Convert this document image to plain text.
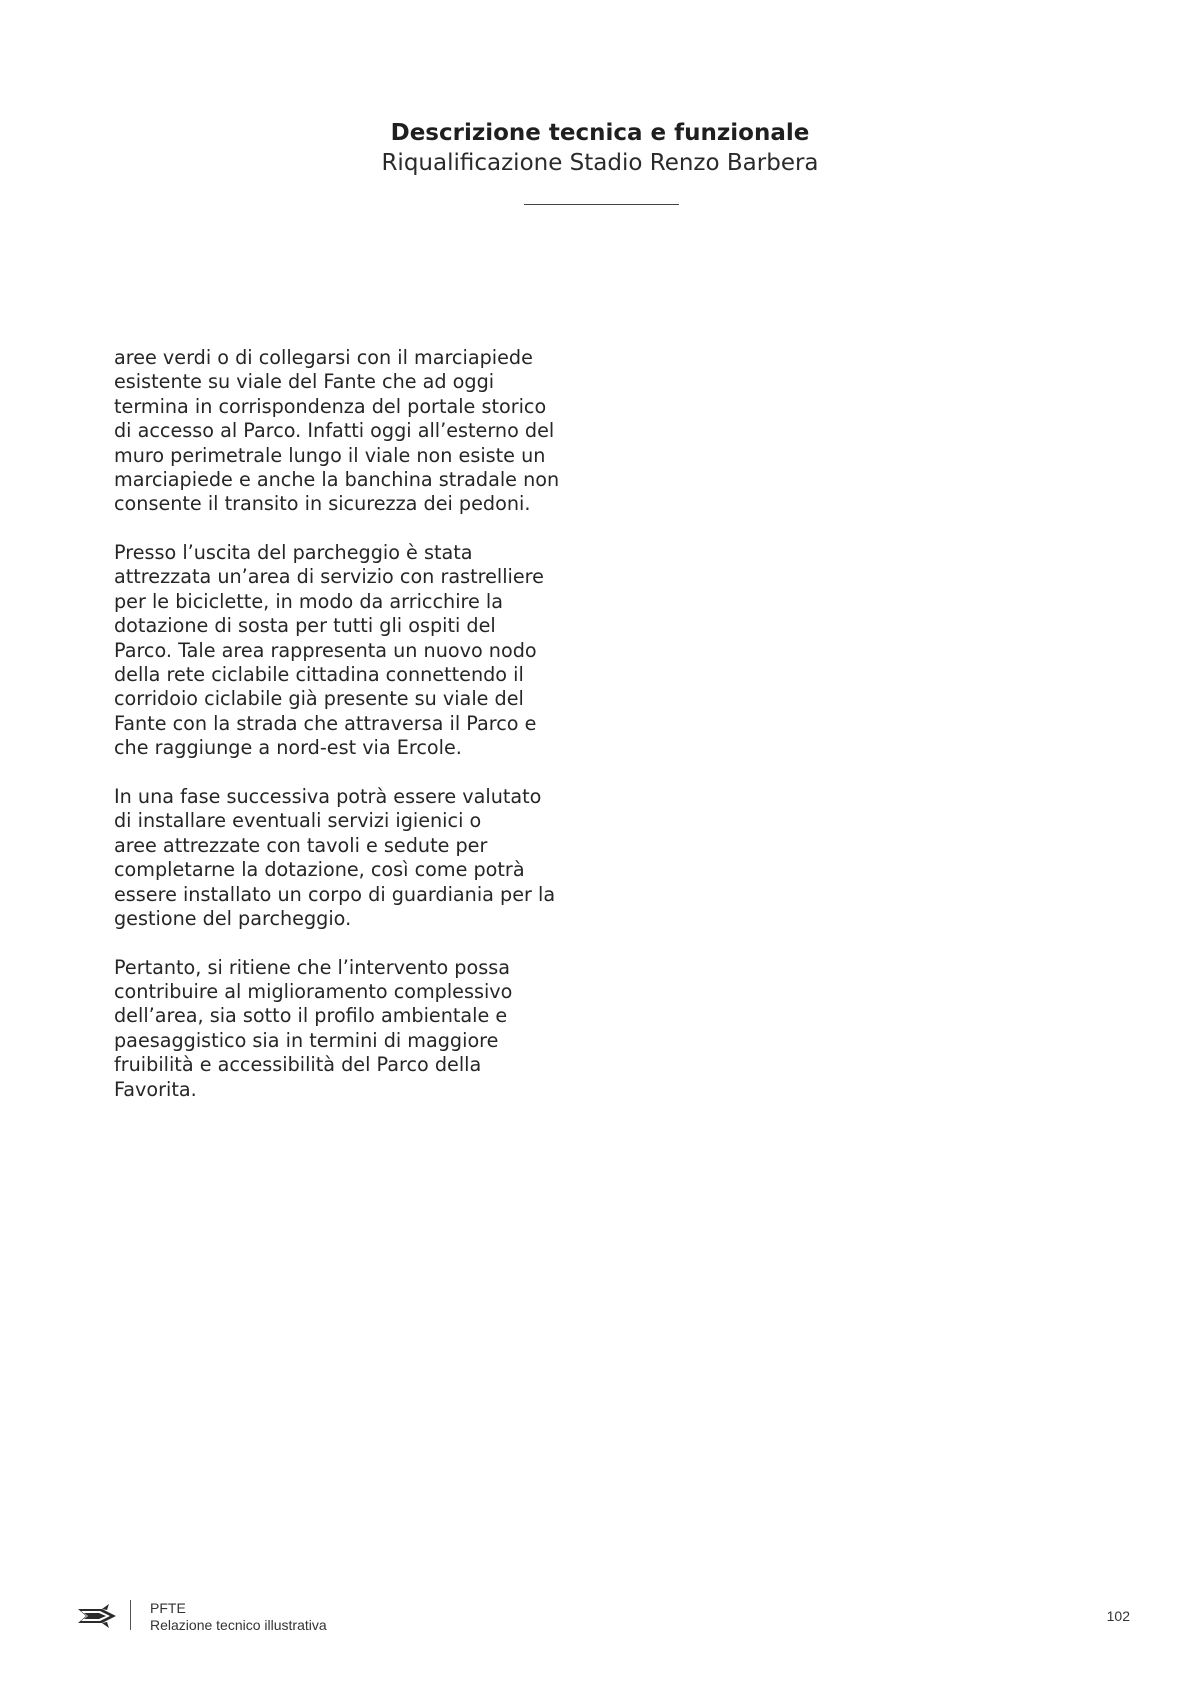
Descrizione tecnica e funzionale

Riqualificazione Stadio Renzo Barbera

aree verdi o di collegarsi con il marciapiede
esistente su viale del Fante che ad oggi
termina in corrispondenza del portale storico
di accesso al Parco. Infatti oggi all’esterno del
muro perimetrale lungo il viale non esiste un
marciapiede e anche la banchina stradale non
consente il transito in sicurezza dei pedoni.

Presso l’uscita del parcheggio è stata
attrezzata un’area di servizio con rastrelliere
per le biciclette, in modo da arricchire la
dotazione di sosta per tutti gli ospiti del
Parco. Tale area rappresenta un nuovo nodo
della rete ciclabile cittadina connettendo il
corridoio ciclabile già presente su viale del
Fante con la strada che attraversa il Parco e
che raggiunge a nord-est via Ercole.

In una fase successiva potrà essere valutato
di installare eventuali servizi igienici o
aree attrezzate con tavoli e sedute per
completarne la dotazione, così come potrà
essere installato un corpo di guardiania per la
gestione del parcheggio.

Pertanto, si ritiene che l’intervento possa
contribuire al miglioramento complessivo
dell’area, sia sotto il profilo ambientale e
paesaggistico sia in termini di maggiore
fruibilità e accessibilità del Parco della
Favorita.

PFTE
Relazione tecnico illustrativa
102
